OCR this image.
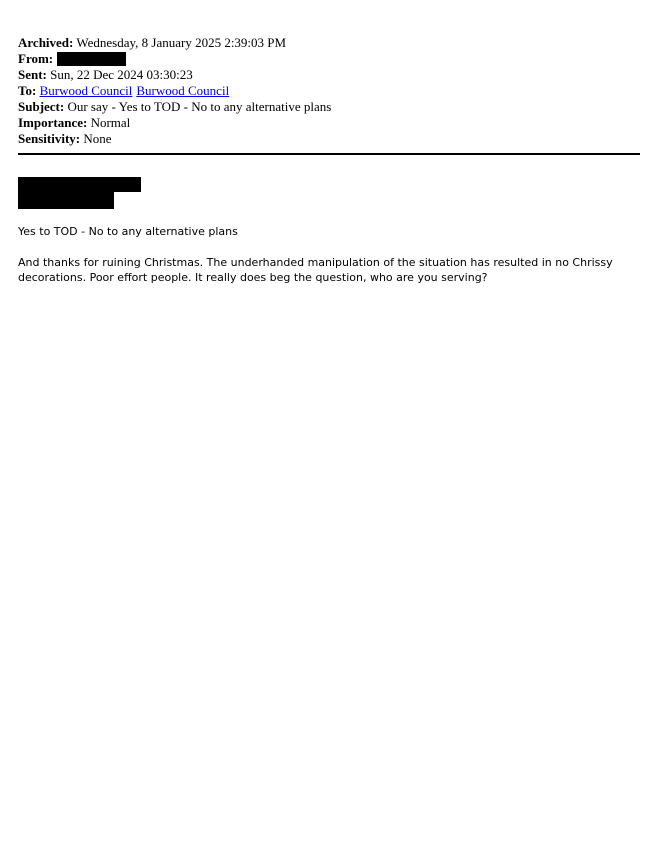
Archived: Wednesday, 8 January 2025 2:39:03 PM
From:
Sent: Sun, 22 Dec 2024 03:30:23
To: Burwood Council Burwood Council
Subject: Our say - Yes to TOD - No to any alternative plans
Importance: Normal
Sensitivity: None

Yes to TOD - No to any alternative plans

And thanks for ruining Christmas. The underhanded manipulation of the situation has resulted in no Chrissy decorations. Poor effort people. It really does beg the question, who are you serving?
